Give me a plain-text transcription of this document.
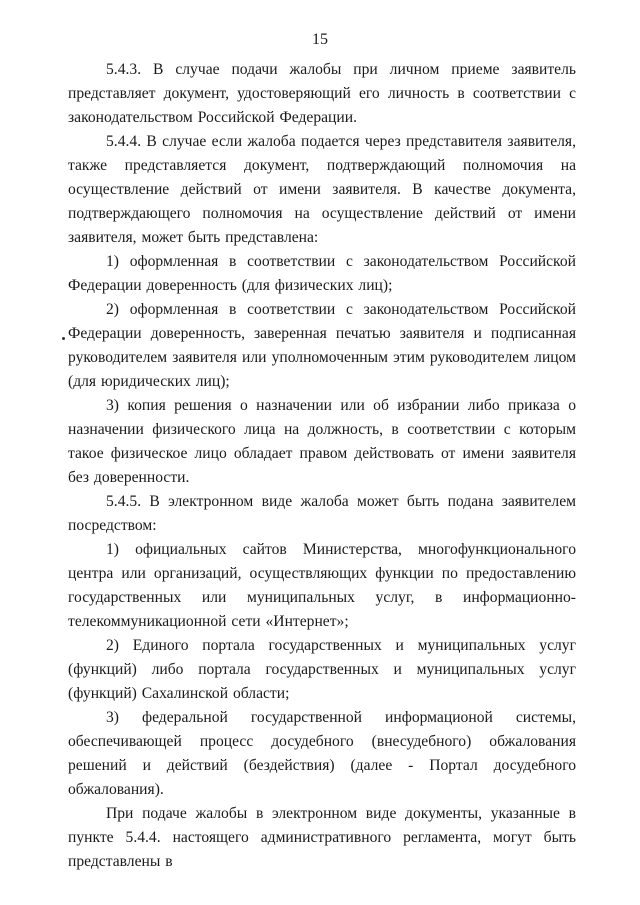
15

5.4.3. В случае подачи жалобы при личном приеме заявитель представляет документ, удостоверяющий его личность в соответствии с законодательством Российской Федерации.

5.4.4. В случае если жалоба подается через представителя заявителя, также представляется документ, подтверждающий полномочия на осуществление действий от имени заявителя. В качестве документа, подтверждающего полномочия на осуществление действий от имени заявителя, может быть представлена:

1) оформленная в соответствии с законодательством Российской Федерации доверенность (для физических лиц);

2) оформленная в соответствии с законодательством Российской Федерации доверенность, заверенная печатью заявителя и подписанная руководителем заявителя или уполномоченным этим руководителем лицом (для юридических лиц);

3) копия решения о назначении или об избрании либо приказа о назначении физического лица на должность, в соответствии с которым такое физическое лицо обладает правом действовать от имени заявителя без доверенности.

5.4.5. В электронном виде жалоба может быть подана заявителем посредством:

1) официальных сайтов Министерства, многофункционального центра или организаций, осуществляющих функции по предоставлению государственных или муниципальных услуг, в информационно-телекоммуникационной сети «Интернет»;

2) Единого портала государственных и муниципальных услуг (функций) либо портала государственных и муниципальных услуг (функций) Сахалинской области;

3) федеральной государственной информационой системы, обеспечивающей процесс досудебного (внесудебного) обжалования решений и действий (бездействия) (далее - Портал досудебного обжалования).

При подаче жалобы в электронном виде документы, указанные в пункте 5.4.4. настоящего административного регламента, могут быть представлены в
